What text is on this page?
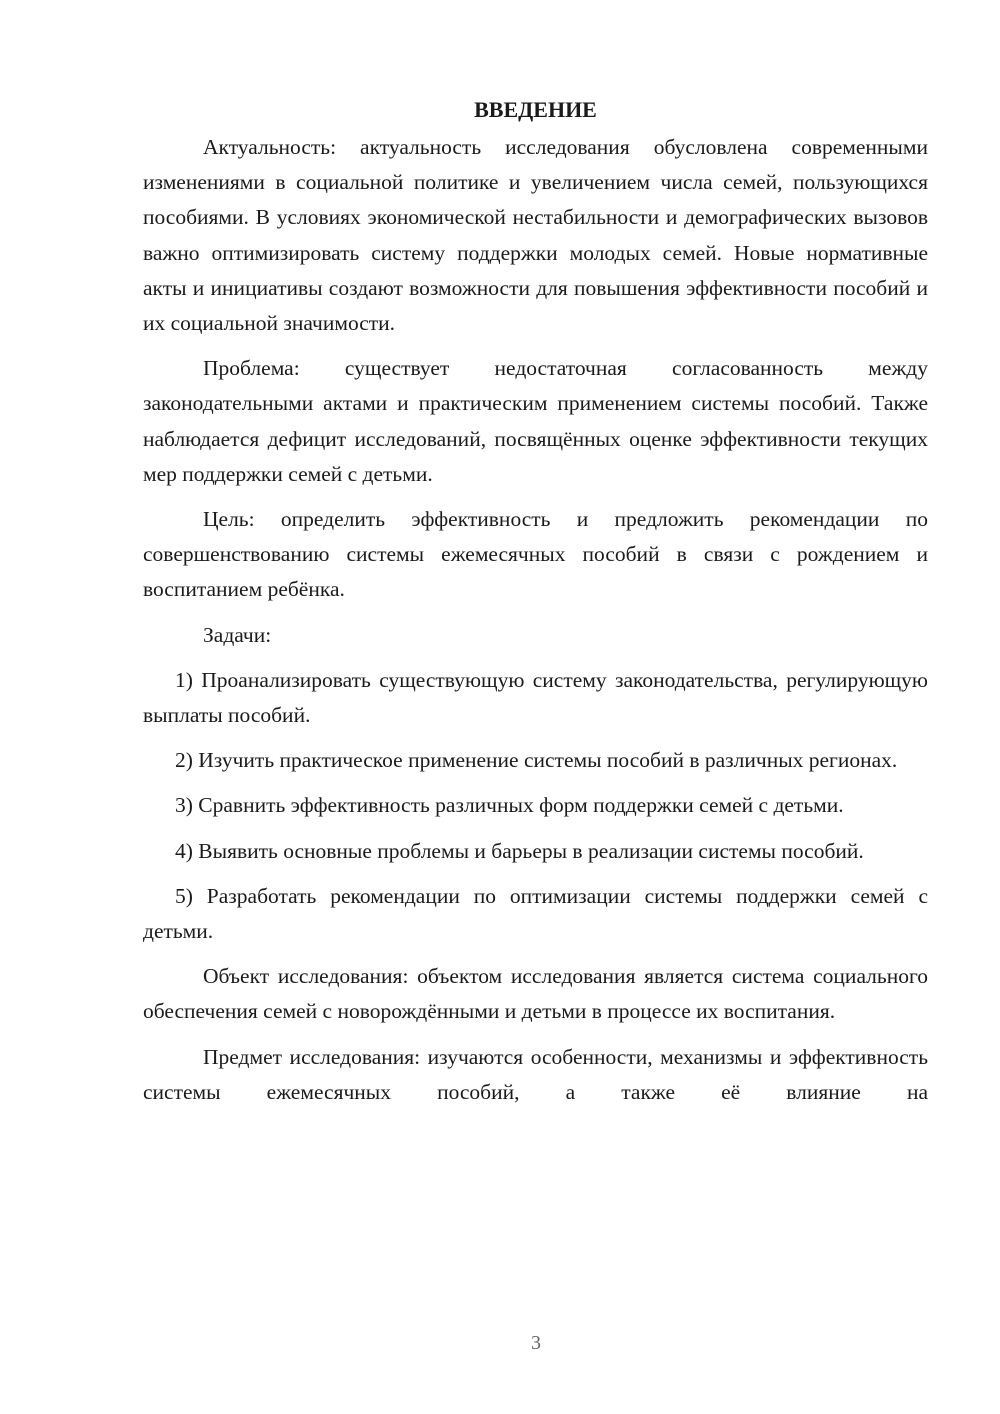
ВВЕДЕНИЕ

Актуальность: актуальность исследования обусловлена современными изменениями в социальной политике и увеличением числа семей, пользующихся пособиями. В условиях экономической нестабильности и демографических вызовов важно оптимизировать систему поддержки молодых семей. Новые нормативные акты и инициативы создают возможности для повышения эффективности пособий и их социальной значимости.

Проблема: существует недостаточная согласованность между законодательными актами и практическим применением системы пособий. Также наблюдается дефицит исследований, посвящённых оценке эффективности текущих мер поддержки семей с детьми.

Цель: определить эффективность и предложить рекомендации по совершенствованию системы ежемесячных пособий в связи с рождением и воспитанием ребёнка.

Задачи:

1) Проанализировать существующую систему законодательства, регулирующую выплаты пособий.

2) Изучить практическое применение системы пособий в различных регионах.

3) Сравнить эффективность различных форм поддержки семей с детьми.

4) Выявить основные проблемы и барьеры в реализации системы пособий.

5) Разработать рекомендации по оптимизации системы поддержки семей с детьми.

Объект исследования: объектом исследования является система социального обеспечения семей с новорождёнными и детьми в процессе их воспитания.

Предмет исследования: изучаются особенности, механизмы и эффективность системы ежемесячных пособий, а также её влияние на

3
